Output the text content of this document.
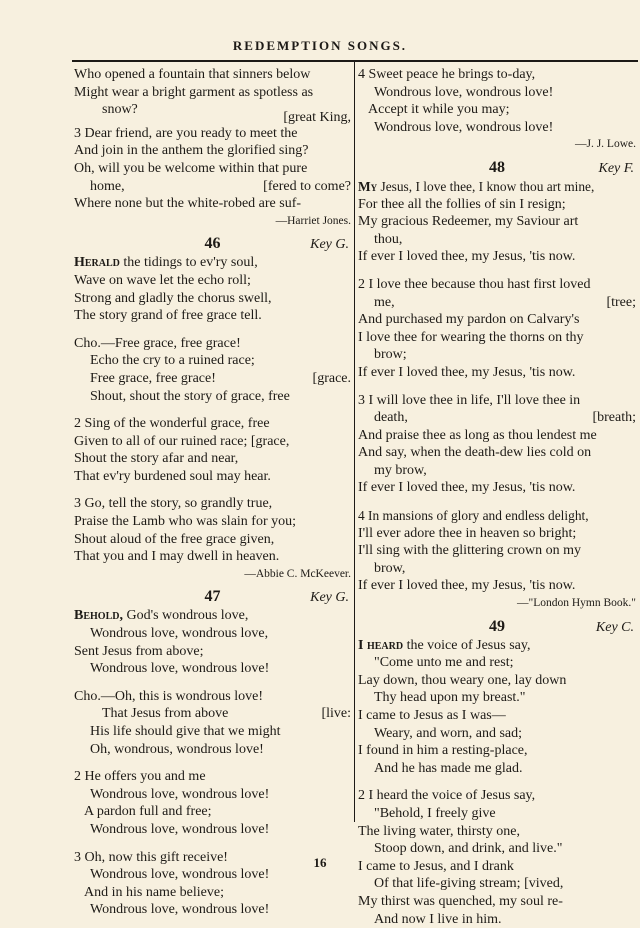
REDEMPTION SONGS.
Who opened a fountain that sinners below
Might wear a bright garment as spotless as
snow?
[great King,
3 Dear friend, are you ready to meet the
And join in the anthem the glorified sing?
Oh, will you be welcome within that pure
home,	[fered to come?
Where none but the white-robed are suf-
—Harriet Jones.
46	Key G.
Herald the tidings to ev'ry soul,
Wave on wave let the echo roll;
Strong and gladly the chorus swell,
The story grand of free grace tell.
Cho.—Free grace, free grace!
Echo the cry to a ruined race;
Free grace, free grace!	[grace.
Shout, shout the story of grace, free
2 Sing of the wonderful grace, free
Given to all of our ruined race; [grace,
Shout the story afar and near,
That ev'ry burdened soul may hear.
3 Go, tell the story, so grandly true,
Praise the Lamb who was slain for you;
Shout aloud of the free grace given,
That you and I may dwell in heaven.
—Abbie C. McKeever.
47	Key G.
Behold, God's wondrous love,
Wondrous love, wondrous love,
Sent Jesus from above;
Wondrous love, wondrous love!
Cho.—Oh, this is wondrous love!
That Jesus from above	[live:
His life should give that we might
Oh, wondrous, wondrous love!
2 He offers you and me
Wondrous love, wondrous love!
A pardon full and free;
Wondrous love, wondrous love!
3 Oh, now this gift receive!
Wondrous love, wondrous love!
And in his name believe;
Wondrous love, wondrous love!
4 Sweet peace he brings to-day,
Wondrous love, wondrous love!
Accept it while you may;
Wondrous love, wondrous love!
—J. J. Lowe.
48	Key F.
My Jesus, I love thee, I know thou art mine,
For thee all the follies of sin I resign;
My gracious Redeemer, my Saviour art
thou,
If ever I loved thee, my Jesus, 'tis now.
2 I love thee because thou hast first loved
me,	[tree;
And purchased my pardon on Calvary's
I love thee for wearing the thorns on thy
brow;
If ever I loved thee, my Jesus, 'tis now.
3 I will love thee in life, I'll love thee in
death,	[breath;
And praise thee as long as thou lendest me
And say, when the death-dew lies cold on
my brow,
If ever I loved thee, my Jesus, 'tis now.
4 In mansions of glory and endless delight,
I'll ever adore thee in heaven so bright;
I'll sing with the glittering crown on my
brow,
If ever I loved thee, my Jesus, 'tis now.
—"London Hymn Book."
49	Key C.
I heard the voice of Jesus say,
"Come unto me and rest;
Lay down, thou weary one, lay down
Thy head upon my breast."
I came to Jesus as I was—
Weary, and worn, and sad;
I found in him a resting-place,
And he has made me glad.
2 I heard the voice of Jesus say,
"Behold, I freely give
The living water, thirsty one,
Stoop down, and drink, and live."
I came to Jesus, and I drank
Of that life-giving stream; [vived,
My thirst was quenched, my soul re-
And now I live in him.
16
